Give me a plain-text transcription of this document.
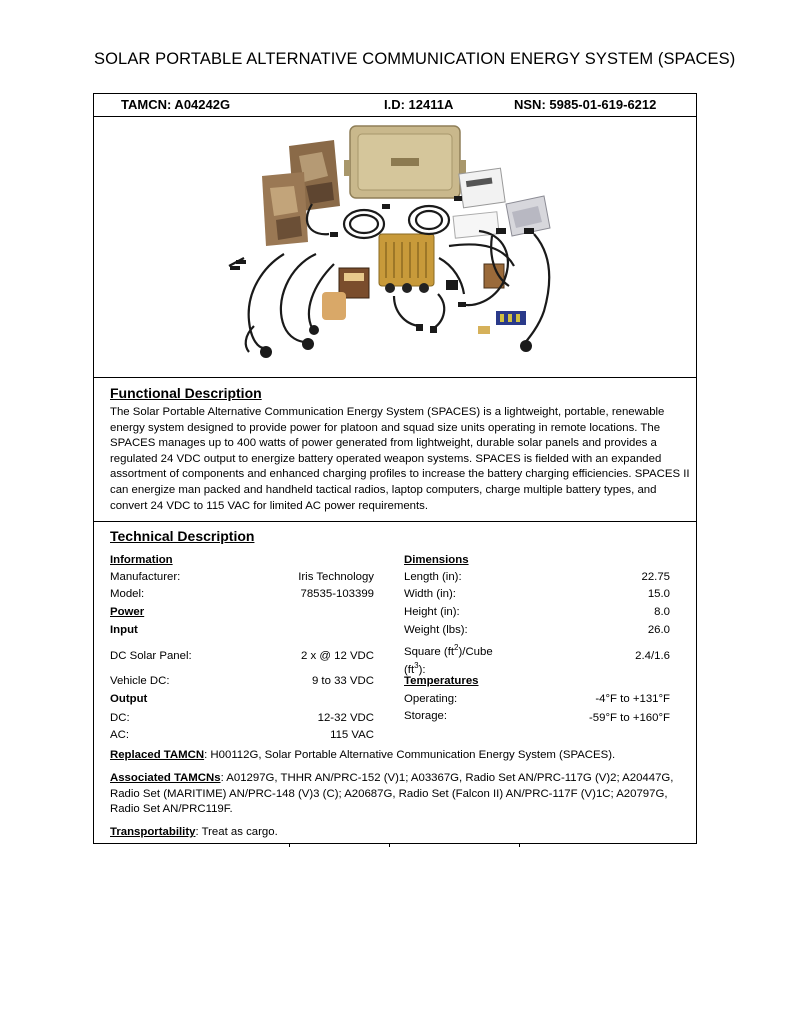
SOLAR PORTABLE ALTERNATIVE COMMUNICATION ENERGY SYSTEM (SPACES)
TAMCN: A04242G	I.D: 12411A	NSN: 5985-01-619-6212
Functional Description
The Solar Portable Alternative Communication Energy System (SPACES) is a lightweight, portable, renewable energy system designed to provide power for platoon and squad size units operating in remote locations. The SPACES manages up to 400 watts of power generated from lightweight, durable solar panels and provides a regulated 24 VDC output to energize battery operated weapon systems. SPACES is fielded with an expanded assortment of components and enhanced charging profiles to increase the battery charging efficiencies. SPACES II can energize man packed and handheld tactical radios, laptop computers, charge multiple battery types, and convert 24 VDC to 115 VAC for limited AC power requirements.
Technical Description
Information
Manufacturer:	Iris Technology
Model:	78535-103399
Power
Input
DC Solar Panel:	2 x @ 12 VDC
Vehicle DC:	9 to 33 VDC
Output
DC:	12-32 VDC
AC:	115 VAC
Dimensions
Length (in):	22.75
Width (in):	15.0
Height (in):	8.0
Weight (lbs):	26.0
Square $(ft^2)$/Cube
$(ft^3)$:
2.4/1.6
Temperatures
Operating:	-4°F to +131°F
Storage:	-59°F to +160°F
Replaced TAMCN: H00112G, Solar Portable Alternative Communication Energy System (SPACES).
Associated TAMCNs: A01297G, THHR AN/PRC-152 (V)1; A03367G, Radio Set AN/PRC-117G (V)2; A20447G, Radio Set (MARITIME) AN/PRC-148 (V)3 (C); A20687G, Radio Set (Falcon II) AN/PRC-117F (V)1C; A20797G, Radio Set AN/PRC119F.
Transportability: Treat as cargo.
